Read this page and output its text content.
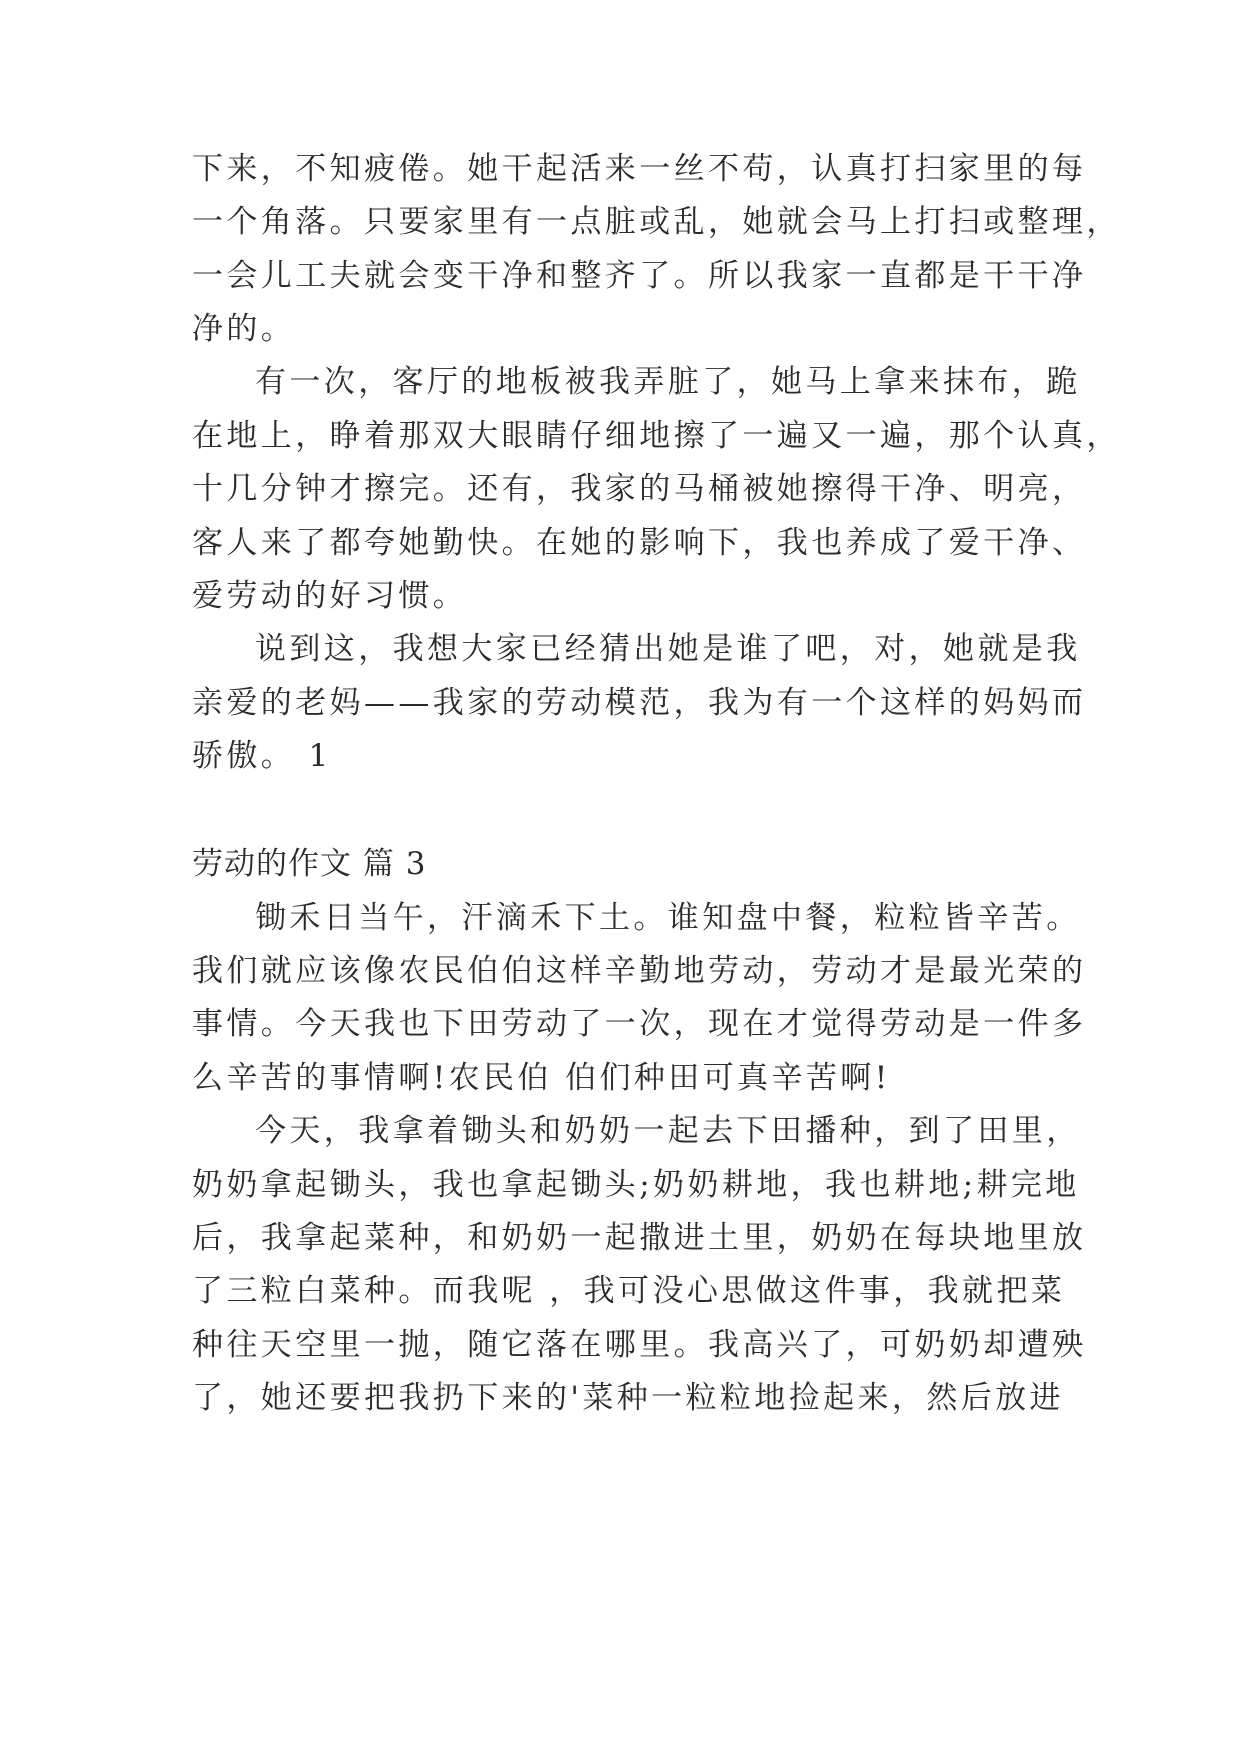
下来，不知疲倦。她干起活来一丝不苟，认真打扫家里的每
一个角落。只要家里有一点脏或乱，她就会马上打扫或整理，
一会儿工夫就会变干净和整齐了。所以我家一直都是干干净
净的。
有一次，客厅的地板被我弄脏了，她马上拿来抹布，跪
在地上，睁着那双大眼睛仔细地擦了一遍又一遍，那个认真，
十几分钟才擦完。还有，我家的马桶被她擦得干净、明亮，
客人来了都夸她勤快。在她的影响下，我也养成了爱干净、
爱劳动的好习惯。
说到这，我想大家已经猜出她是谁了吧，对，她就是我
亲爱的老妈——我家的劳动模范，我为有一个这样的妈妈而
骄傲。 1
劳动的作文 篇 3
锄禾日当午，汗滴禾下土。谁知盘中餐，粒粒皆辛苦。
我们就应该像农民伯伯这样辛勤地劳动，劳动才是最光荣的
事情。今天我也下田劳动了一次，现在才觉得劳动是一件多
么辛苦的事情啊!农民伯 伯们种田可真辛苦啊!
今天，我拿着锄头和奶奶一起去下田播种，到了田里，
奶奶拿起锄头，我也拿起锄头;奶奶耕地，我也耕地;耕完地
后，我拿起菜种，和奶奶一起撒进土里，奶奶在每块地里放
了三粒白菜种。而我呢 ，我可没心思做这件事，我就把菜
种往天空里一抛，随它落在哪里。我高兴了，可奶奶却遭殃
了，她还要把我扔下来的'菜种一粒粒地捡起来，然后放进
